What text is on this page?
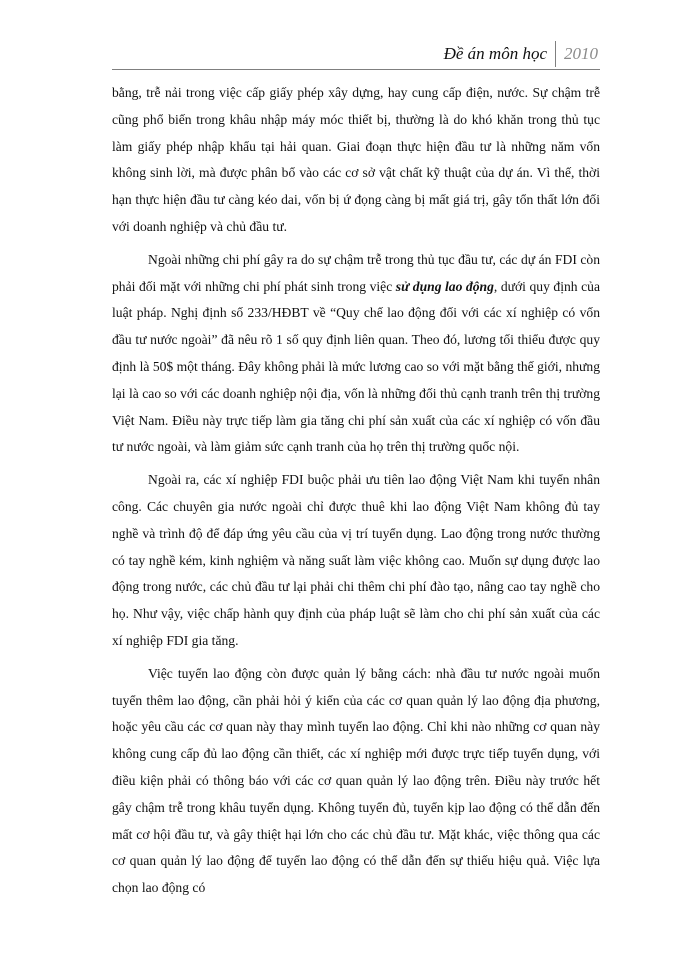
Đề án môn học	2010

bằng, trễ nải trong việc cấp giấy phép xây dựng, hay cung cấp điện, nước. Sự chậm trễ cũng phổ biến trong khâu nhập máy móc thiết bị, thường là do khó khăn trong thủ tục làm giấy phép nhập khẩu tại hải quan. Giai đoạn thực hiện đầu tư là những năm vốn không sinh lời, mà được phân bổ vào các cơ sở vật chất kỹ thuật của dự án. Vì thế, thời hạn thực hiện đầu tư càng kéo dai, vốn bị ứ đọng càng bị mất giá trị, gây tổn thất lớn đối với doanh nghiệp và chủ đầu tư.

Ngoài những chi phí gây ra do sự chậm trễ trong thủ tục đầu tư, các dự án FDI còn phải đối mặt với những chi phí phát sinh trong việc sử dụng lao động, dưới quy định của luật pháp. Nghị định số 233/HĐBT về “Quy chế lao động đối với các xí nghiệp có vốn đầu tư nước ngoài” đã nêu rõ 1 số quy định liên quan. Theo đó, lương tối thiểu được quy định là 50$ một tháng. Đây không phải là mức lương cao so với mặt bằng thế giới, nhưng lại là cao so với các doanh nghiệp nội địa, vốn là những đối thủ cạnh tranh trên thị trường Việt Nam. Điều này trực tiếp làm gia tăng chi phí sản xuất của các xí nghiệp có vốn đầu tư nước ngoài, và làm giảm sức cạnh tranh của họ trên thị trường quốc nội.

Ngoài ra, các xí nghiệp FDI buộc phải ưu tiên lao động Việt Nam khi tuyển nhân công. Các chuyên gia nước ngoài chỉ được thuê khi lao động Việt Nam không đủ tay nghề và trình độ để đáp ứng yêu cầu của vị trí tuyển dụng. Lao động trong nước thường có tay nghề kém, kinh nghiệm và năng suất làm việc không cao. Muốn sự dụng được lao động trong nước, các chủ đầu tư lại phải chi thêm chi phí đào tạo, nâng cao tay nghề cho họ. Như vậy, việc chấp hành quy định của pháp luật sẽ làm cho chi phí sản xuất của các xí nghiệp FDI gia tăng.

Việc tuyển lao động còn được quản lý bằng cách: nhà đầu tư nước ngoài muốn tuyển thêm lao động, cần phải hỏi ý kiến của các cơ quan quản lý lao động địa phương, hoặc yêu cầu các cơ quan này thay mình tuyển lao động. Chỉ khi nào những cơ quan này không cung cấp đủ lao động cần thiết, các xí nghiệp mới được trực tiếp tuyển dụng, với điều kiện phải có thông báo với các cơ quan quản lý lao động trên. Điều này trước hết gây chậm trễ trong khâu tuyển dụng. Không tuyển đủ, tuyển kịp lao động có thể dẫn đến mất cơ hội đầu tư, và gây thiệt hại lớn cho các chủ đầu tư. Mặt khác, việc thông qua các cơ quan quản lý lao động để tuyển lao động có thể dẫn đến sự thiếu hiệu quả. Việc lựa chọn lao động có
